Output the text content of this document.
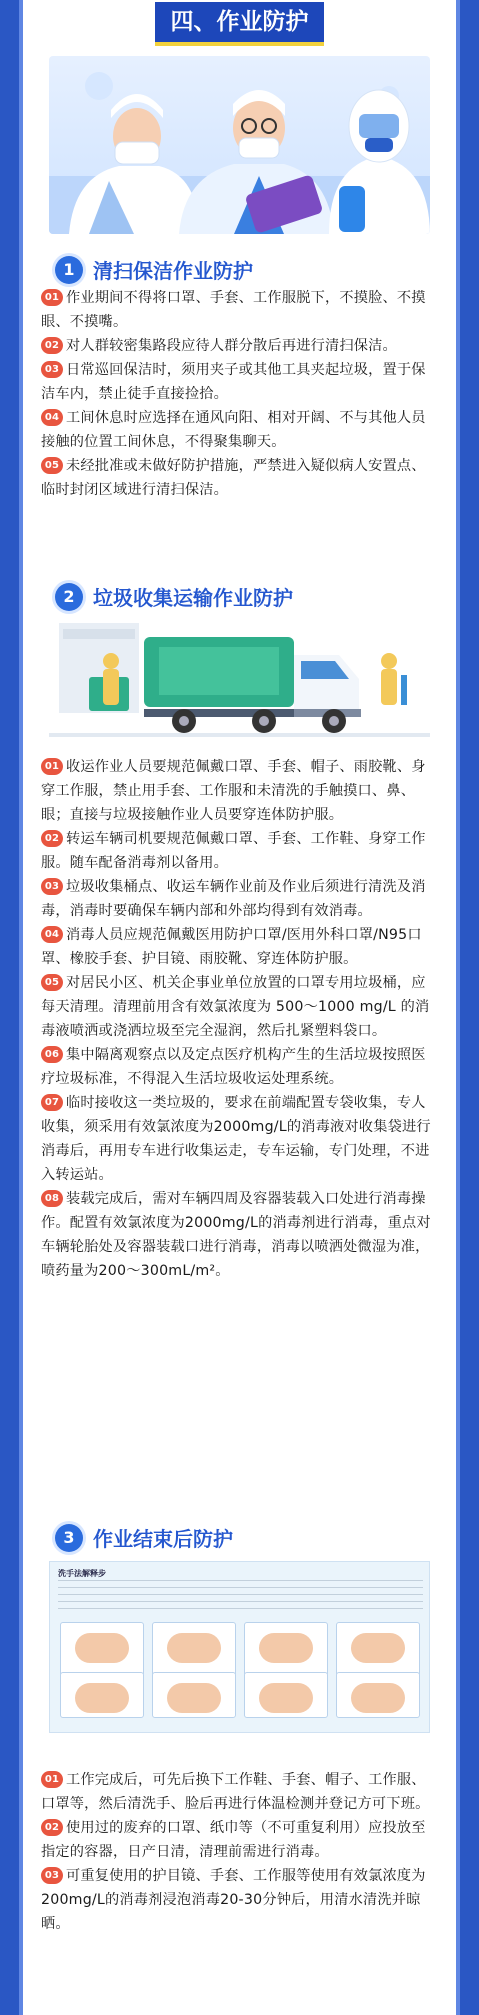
四、作业防护
1 清扫保洁作业防护

01 作业期间不得将口罩、手套、工作服脱下，不摸脸、不摸眼、不摸嘴。

02 对人群较密集路段应待人群分散后再进行清扫保洁。

03 日常巡回保洁时，须用夹子或其他工具夹起垃圾，置于保洁车内，禁止徒手直接捡拾。

04 工间休息时应选择在通风向阳、相对开阔、不与其他人员接触的位置工间休息，不得聚集聊天。

05 未经批准或未做好防护措施，严禁进入疑似病人安置点、临时封闭区域进行清扫保洁。

2 垃圾收集运输作业防护

01 收运作业人员要规范佩戴口罩、手套、帽子、雨胶靴、身穿工作服，禁止用手套、工作服和未清洗的手触摸口、鼻、眼；直接与垃圾接触作业人员要穿连体防护服。

02 转运车辆司机要规范佩戴口罩、手套、工作鞋、身穿工作服。随车配备消毒剂以备用。

03 垃圾收集桶点、收运车辆作业前及作业后须进行清洗及消毒，消毒时要确保车辆内部和外部均得到有效消毒。

04 消毒人员应规范佩戴医用防护口罩/医用外科口罩/N95口罩、橡胶手套、护目镜、雨胶靴、穿连体防护服。

05 对居民小区、机关企事业单位放置的口罩专用垃圾桶，应每天清理。清理前用含有效氯浓度为 500～1000 mg/L 的消毒液喷洒或浇洒垃圾至完全湿润，然后扎紧塑料袋口。

06 集中隔离观察点以及定点医疗机构产生的生活垃圾按照医疗垃圾标准，不得混入生活垃圾收运处理系统。

07 临时接收这一类垃圾的，要求在前端配置专袋收集，专人收集，须采用有效氯浓度为2000mg/L的消毒液对收集袋进行消毒后，再用专车进行收集运走，专车运输，专门处理，不进入转运站。

08 装载完成后，需对车辆四周及容器装载入口处进行消毒操作。配置有效氯浓度为2000mg/L的消毒剂进行消毒，重点对车辆轮胎处及容器装载口进行消毒，消毒以喷洒处微湿为准，喷药量为200～300mL/m²。

3 作业结束后防护
洗手法解释步

01 工作完成后，可先后换下工作鞋、手套、帽子、工作服、口罩等，然后清洗手、脸后再进行体温检测并登记方可下班。

02 使用过的废弃的口罩、纸巾等（不可重复利用）应投放至指定的容器，日产日清，清理前需进行消毒。

03 可重复使用的护目镜、手套、工作服等使用有效氯浓度为200mg/L的消毒剂浸泡消毒20-30分钟后，用清水清洗并晾晒。
